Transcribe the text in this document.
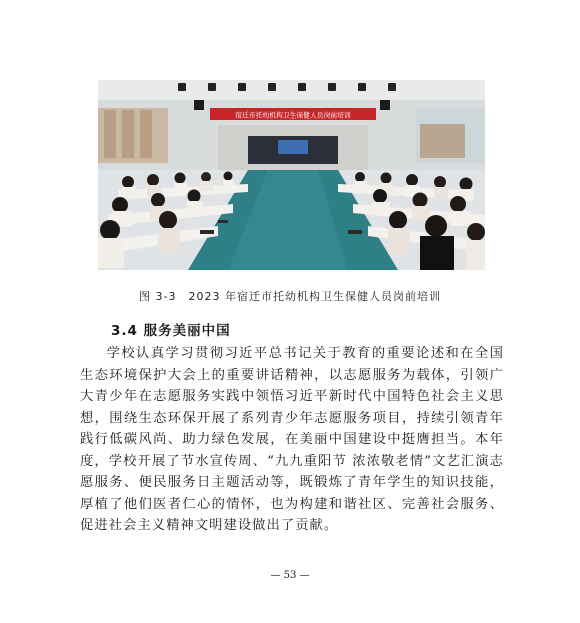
宿迁市托幼机构卫生保健人员岗前培训
图 3-3　2023 年宿迁市托幼机构卫生保健人员岗前培训
3.4 服务美丽中国

学校认真学习贯彻习近平总书记关于教育的重要论述和在全国生态环境保护大会上的重要讲话精神，以志愿服务为载体，引领广大青少年在志愿服务实践中领悟习近平新时代中国特色社会主义思想，围绕生态环保开展了系列青少年志愿服务项目，持续引领青年践行低碳风尚、助力绿色发展，在美丽中国建设中挺膺担当。本年度，学校开展了节水宣传周、“九九重阳节 浓浓敬老情”文艺汇演志愿服务、便民服务日主题活动等，既锻炼了青年学生的知识技能，厚植了他们医者仁心的情怀，也为构建和谐社区、完善社会服务、促进社会主义精神文明建设做出了贡献。

— 53 —
